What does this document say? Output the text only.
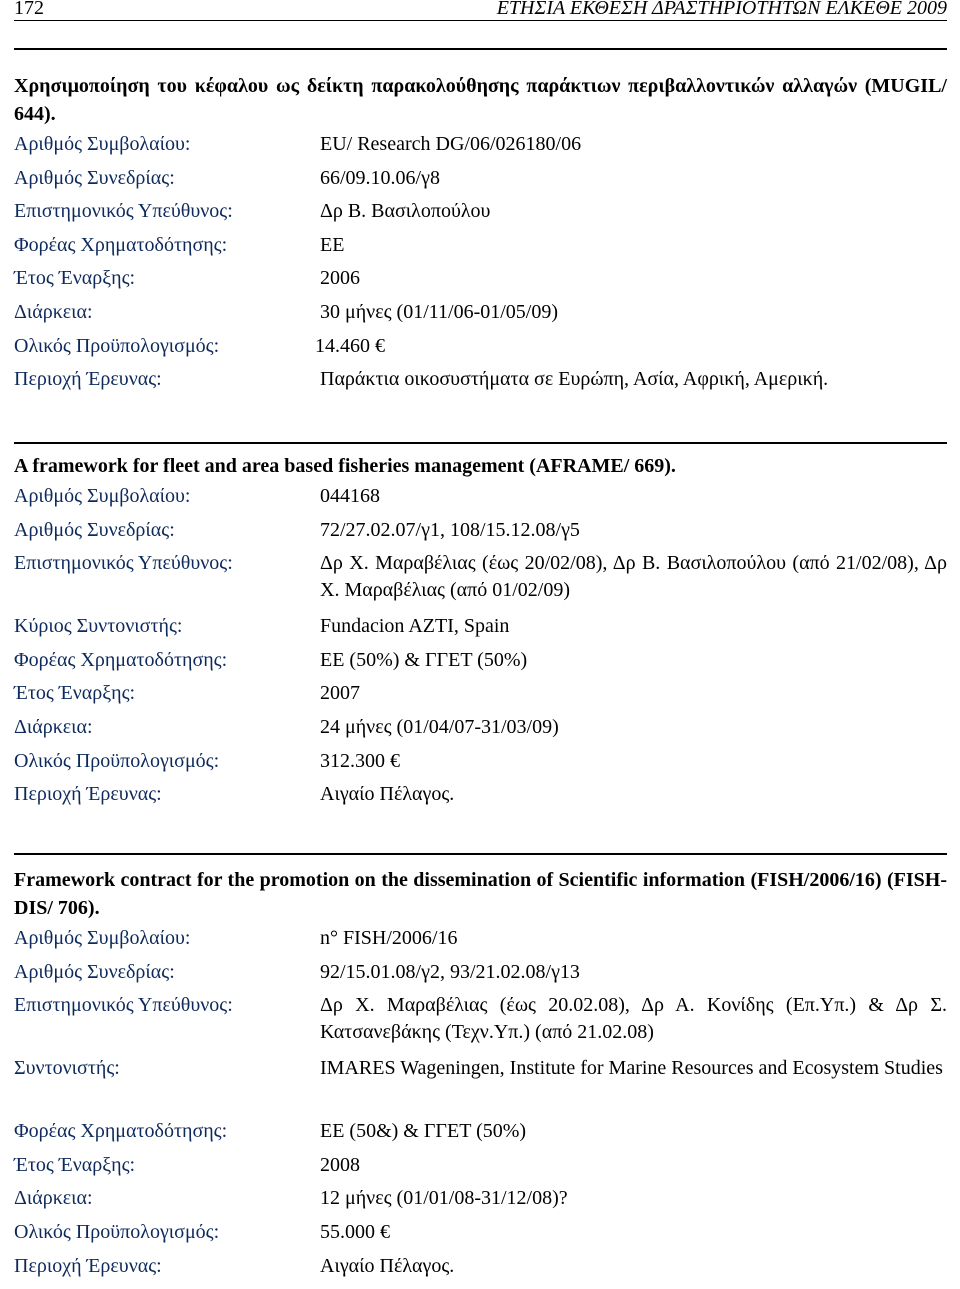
172	ΕΤΗΣΙΑ ΕΚΘΕΣΗ ΔΡΑΣΤΗΡΙΟΤΗΤΩΝ ΕΛΚΕΘΕ 2009

Χρησιμοποίηση του κέφαλου ως δείκτη παρακολούθησης παράκτιων περιβαλλοντικών αλλαγών (MUGIL/ 644).

Αριθμός Συμβολαίου:	EU/ Research DG/06/026180/06
Αριθμός Συνεδρίας:	66/09.10.06/γ8
Επιστημονικός Υπεύθυνος:	Δρ Β. Βασιλοπούλου
Φορέας Χρηματοδότησης:	ΕΕ
Έτος Έναρξης:	2006
Διάρκεια:	30 μήνες (01/11/06-01/05/09)
Ολικός Προϋπολογισμός:	14.460 €
Περιοχή Έρευνας:	Παράκτια οικοσυστήματα σε Ευρώπη, Ασία, Αφρική, Αμερική.

A framework for fleet and area based fisheries management (AFRAME/ 669).

Αριθμός Συμβολαίου:	044168
Αριθμός Συνεδρίας:	72/27.02.07/γ1, 108/15.12.08/γ5
Επιστημονικός Υπεύθυνος:	Δρ Χ. Μαραβέλιας (έως 20/02/08), Δρ Β. Βασιλοπούλου (από 21/02/08), Δρ Χ. Μαραβέλιας (από 01/02/09)
Κύριος Συντονιστής:	Fundacion AZTI, Spain
Φορέας Χρηματοδότησης:	ΕΕ (50%) & ΓΓΕΤ (50%)
Έτος Έναρξης:	2007
Διάρκεια:	24 μήνες (01/04/07-31/03/09)
Ολικός Προϋπολογισμός:	312.300 €
Περιοχή Έρευνας:	Αιγαίο Πέλαγος.

Framework contract for the promotion on the dissemination of Scientific information (FISH/2006/16) (FISH-DIS/ 706).

Αριθμός Συμβολαίου:	n° FISH/2006/16
Αριθμός Συνεδρίας:	92/15.01.08/γ2, 93/21.02.08/γ13
Επιστημονικός Υπεύθυνος:	Δρ Χ. Μαραβέλιας (έως 20.02.08), Δρ Α. Κονίδης (Επ.Υπ.) & Δρ Σ. Κατσανεβάκης (Τεχν.Υπ.) (από 21.02.08)
Συντονιστής:	IMARES Wageningen, Institute for Marine Resources and Ecosystem Studies
Φορέας Χρηματοδότησης:	ΕΕ (50&) & ΓΓΕΤ (50%)
Έτος Έναρξης:	2008
Διάρκεια:	12 μήνες (01/01/08-31/12/08)?
Ολικός Προϋπολογισμός:	55.000 €
Περιοχή Έρευνας:	Αιγαίο Πέλαγος.
